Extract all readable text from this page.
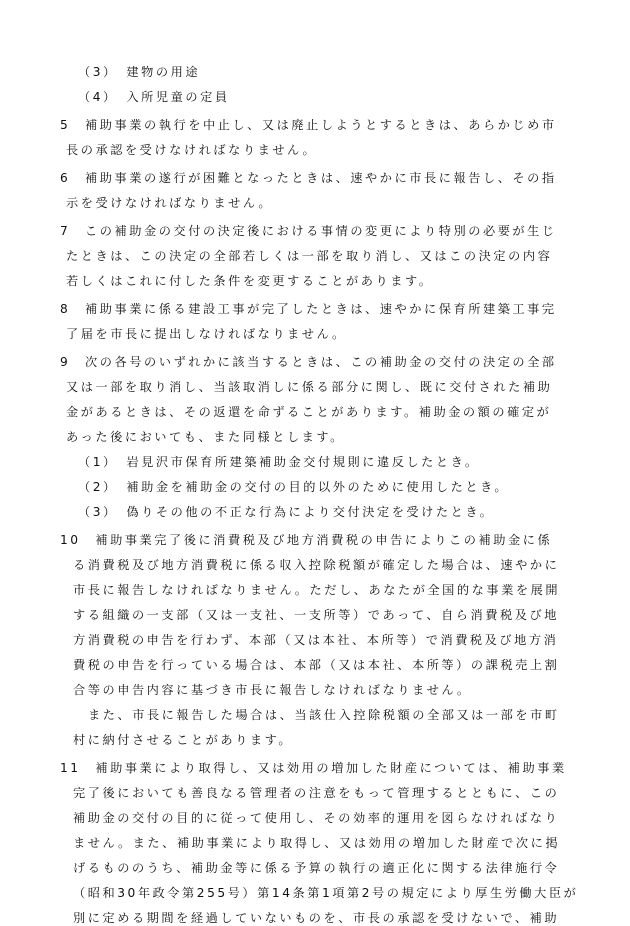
（3）　建物の用途
（4）　入所児童の定員
5　補助事業の執行を中止し、又は廃止しようとするときは、あらかじめ市
長の承認を受けなければなりません。
6　補助事業の遂行が困難となったときは、速やかに市長に報告し、その指
示を受けなければなりません。
7　この補助金の交付の決定後における事情の変更により特別の必要が生じ
たときは、この決定の全部若しくは一部を取り消し、又はこの決定の内容
若しくはこれに付した条件を変更することがあります。
8　補助事業に係る建設工事が完了したときは、速やかに保育所建築工事完
了届を市長に提出しなければなりません。
9　次の各号のいずれかに該当するときは、この補助金の交付の決定の全部
又は一部を取り消し、当該取消しに係る部分に関し、既に交付された補助
金があるときは、その返還を命ずることがあります。補助金の額の確定が
あった後においても、また同様とします。
（1）　岩見沢市保育所建築補助金交付規則に違反したとき。
（2）　補助金を補助金の交付の目的以外のために使用したとき。
（3）　偽りその他の不正な行為により交付決定を受けたとき。
10　補助事業完了後に消費税及び地方消費税の申告によりこの補助金に係
る消費税及び地方消費税に係る収入控除税額が確定した場合は、速やかに
市長に報告しなければなりません。ただし、あなたが全国的な事業を展開
する組織の一支部（又は一支社、一支所等）であって、自ら消費税及び地
方消費税の申告を行わず、本部（又は本社、本所等）で消費税及び地方消
費税の申告を行っている場合は、本部（又は本社、本所等）の課税売上割
合等の申告内容に基づき市長に報告しなければなりません。
また、市長に報告した場合は、当該仕入控除税額の全部又は一部を市町
村に納付させることがあります。
11　補助事業により取得し、又は効用の増加した財産については、補助事業
完了後においても善良なる管理者の注意をもって管理するとともに、この
補助金の交付の目的に従って使用し、その効率的運用を図らなければなり
ません。また、補助事業により取得し、又は効用の増加した財産で次に掲
げるもののうち、補助金等に係る予算の執行の適正化に関する法律施行令
（昭和30年政令第255号）第14条第1項第2号の規定により厚生労働大臣が
別に定める期間を経過していないものを、市長の承認を受けないで、補助
